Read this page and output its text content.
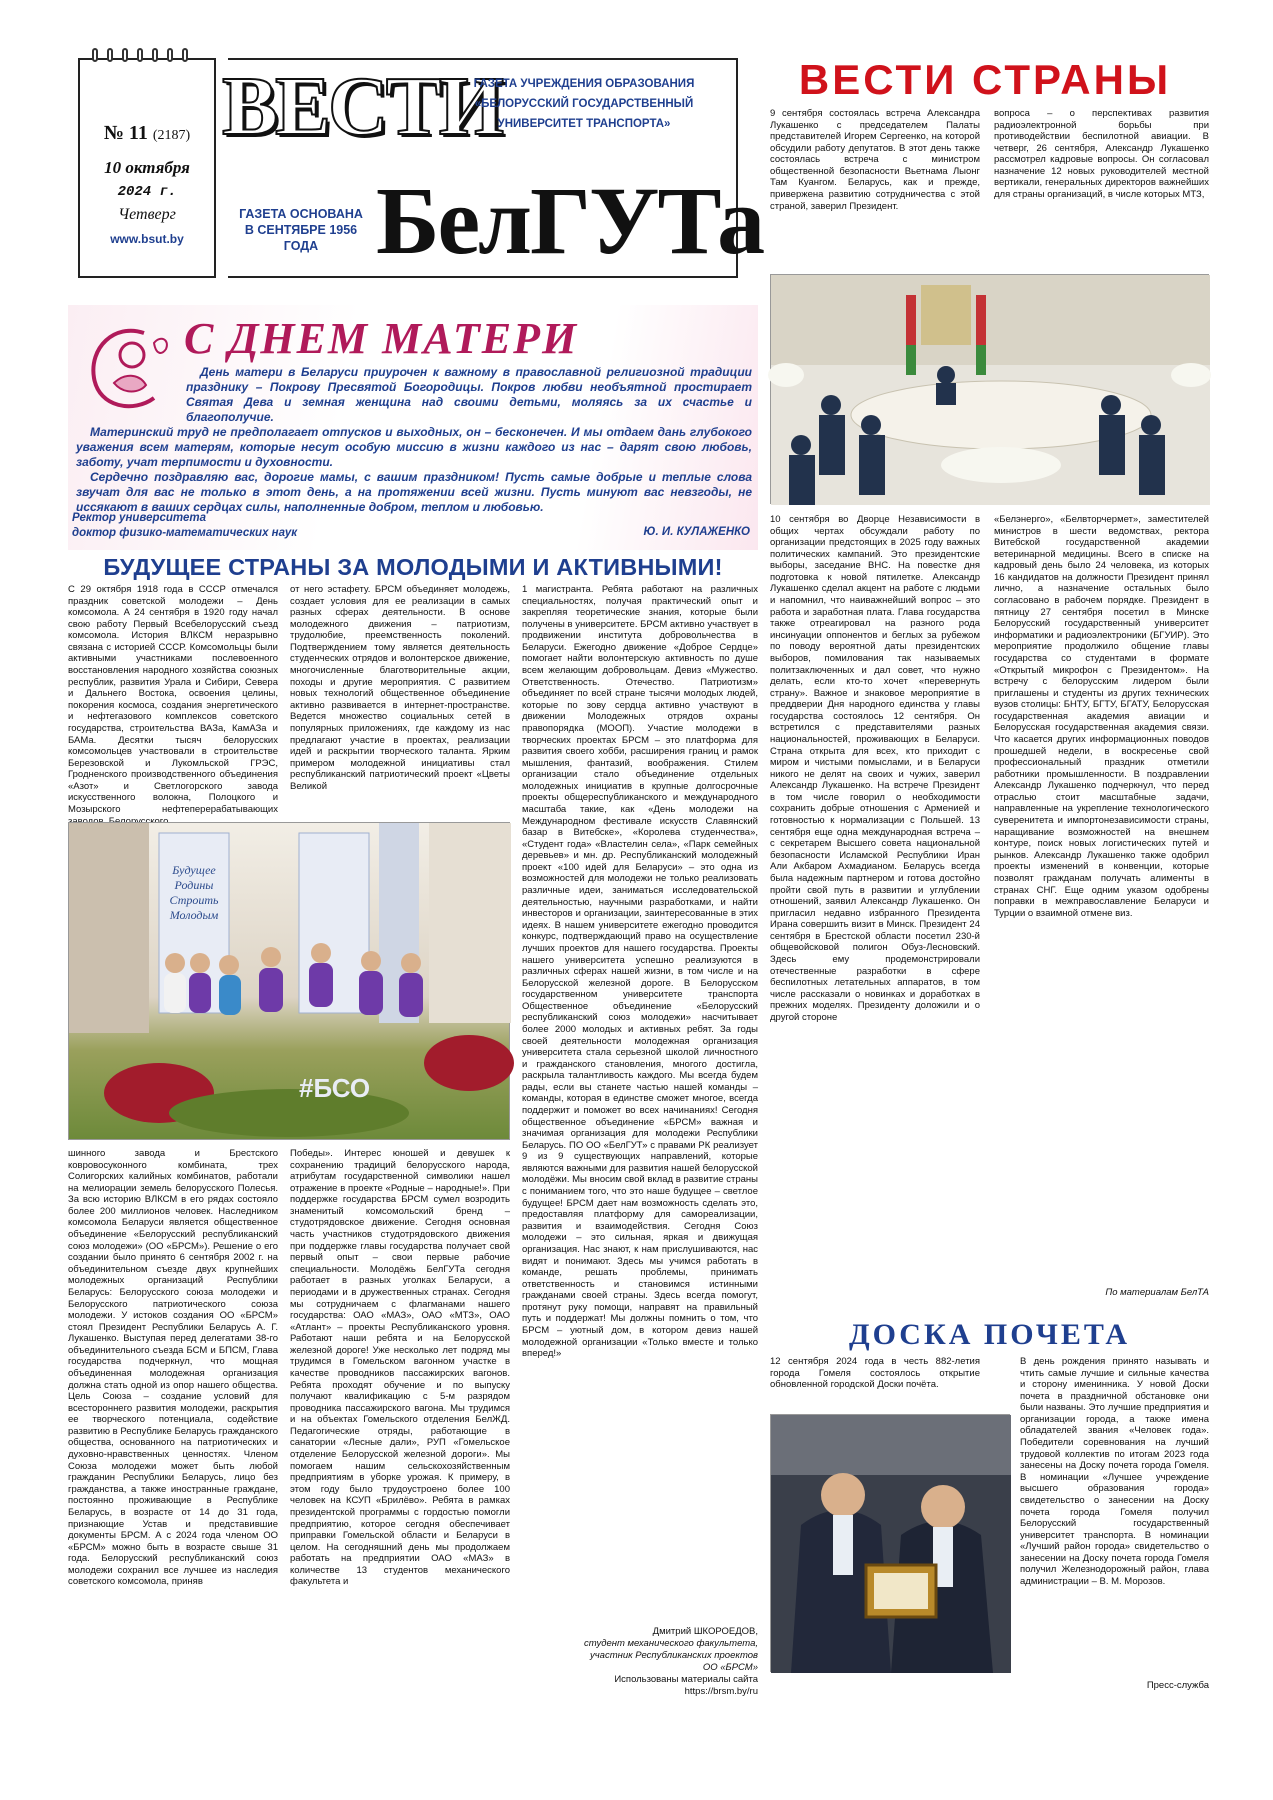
№ 11 (2187)
10 октября
2024 г.
Четверг
www.bsut.by
ВЕСТИ
ГАЗЕТА УЧРЕЖДЕНИЯ ОБРАЗОВАНИЯ
«БЕЛОРУССКИЙ ГОСУДАРСТВЕННЫЙ
УНИВЕРСИТЕТ ТРАНСПОРТА»
ГАЗЕТА ОСНОВАНА
В СЕНТЯБРЕ 1956 ГОДА БелГУТа
С ДНЕМ МАТЕРИ

День матери в Беларуси приурочен к важному в православной религиозной традиции празднику – Покрову Пресвятой Богородицы. Покров любви необъятной простирает Святая Дева и земная женщина над своими детьми, моляясь за их счастье и благополучие.

Материнский труд не предполагает отпусков и выходных, он – бесконечен. И мы отдаем дань глубокого уважения всем матерям, которые несут особую миссию в жизни каждого из нас – дарят свою любовь, заботу, учат терпимости и духовности.

Сердечно поздравляю вас, дорогие мамы, с вашим праздником! Пусть самые добрые и теплые слова звучат для вас не только в этот день, а на протяжении всей жизни. Пусть минуют вас невзгоды, не иссякают в ваших сердцах силы, наполненные добром, теплом и любовью.

Ректор университета
доктор физико-математических наук	Ю. И. КУЛАЖЕНКО
БУДУЩЕЕ СТРАНЫ ЗА МОЛОДЫМИ И АКТИВНЫМИ!
С 29 октября 1918 года в СССР отмечался праздник советской молодежи – День комсомола. А 24 сентября в 1920 году начал свою работу Первый Всебелорусский съезд комсомола. История ВЛКСМ неразрывно связана с историей СССР. Комсомольцы были активными участниками послевоенного восстановления народного хозяйства союзных республик, развития Урала и Сибири, Севера и Дальнего Востока, освоения целины, покорения космоса, создания энергетического и нефтегазового комплексов советского государства, строительства ВАЗа, КамАЗа и БАМа. Десятки тысяч белорусских комсомольцев участвовали в строительстве Березовской и Лукомльской ГРЭС, Гродненского производственного объединения «Азот» и Светлогорского завода искусственного волокна, Полоцкого и Мозырского нефтеперерабатывающих
от него эстафету. БРСМ объединяет молодежь, создает условия для ее реализации в самых разных сферах деятельности. В основе молодежного движения – патриотизм, трудолюбие, преемственность поколений. Подтверждением тому является деятельность студенческих отрядов и волонтерское движение, многочисленные благотворительные акции, походы и другие мероприятия. С развитием новых технологий общественное объединение активно развивается в интернет-пространстве. Ведется множество социальных сетей в популярных приложениях, где каждому из нас предлагают участие в проектах, реализации идей и раскрытии творческого таланта. Ярким примером молодежной инициативы стал республиканский патриотический проект «Цветы Великой
1 магистранта. Ребята работают на различных специальностях, получая практический опыт и закрепляя теоретические знания, которые были получены в университете. БРСМ активно участвует в продвижении института добровольчества в Беларуси. Ежегодно движение «Доброе Сердце» помогает найти волонтерскую активность по душе всем желающим добровольцам. Девиз «Мужество. Ответственность. Отечество. Патриотизм» объединяет по всей стране тысячи молодых людей, которые по зову сердца активно участвуют в движении Молодежных отрядов охраны правопорядка (МООП). Участие молодежи в творческих проектах БРСМ – это платформа для развития своего хобби, расширения границ и рамок мышления, фантазий, воображения. Стилем организации стало объединение отдельных молодежных инициатив в крупные долгосрочные проекты общереспубликанского и международного масштаба такие, как «День молодежи на Международном фестивале искусств Славянский базар в Витебске», «Королева студенчества», «Студент года» «Властелин села», «Парк семейных деревьев» и мн. др. Республиканский молодежный проект «100 идей для Беларуси» – это одна из возможностей для молодежи не только реализовать различные идеи, заниматься исследовательской деятельностью, научными разработками, и найти инвесторов и организации, заинтересованные в этих идеях. В нашем университете ежегодно проводится конкурс, подтверждающий право на осуществление лучших проектов для нашего государства. Проекты нашего университета успешно реализуются в различных сферах нашей жизни, в том числе и на Белорусской железной дороге. В Белорусском государственном университете транспорта Общественное объединение «Белорусский республиканский союз молодежи» насчитывает более 2000 молодых и активных ребят. За годы своей деятельности молодежная организация университета стала серьезной школой личностного и гражданского становления, многого достигла, раскрыла талантливость каждого. Мы всегда будем рады, если вы станете частью нашей команды – команды, которая в единстве сможет многое, всегда поддержит и поможет во всех начинаниях! Сегодня общественное объединение «БРСМ» важная и значимая организация для молодежи Республики Беларусь. ПО ОО «БелГУТ» с правами РК реализует 9 из 9 существующих направлений, которые являются важными для развития нашей белорусской молодёжи. Мы вносим свой вклад в развитие страны с пониманием того, что это наше будущее – светлое будущее! БРСМ дает нам возможность сделать это, предоставляя платформу для самореализации, развития и взаимодействия. Сегодня Союз молодежи – это сильная, яркая и движущая организация. Нас знают, к нам прислушиваются, нас видят и понимают. Здесь мы учимся работать в команде, решать проблемы, принимать ответственность и становимся истинными гражданами своей страны. Здесь всегда помогут, протянут руку помощи, направят на правильный путь и поддержат! Мы должны помнить о том, что БРСМ – уютный дом, в котором девиз нашей молодежной организации «Только вместе и только вперед!»
Будущее Родины Строить Молодым
#БСО
шинного завода и Брестского ковровосуконного комбината, трех Солигорских калийных комбинатов, работали на мелиорации земель белорусского Полесья. За всю историю ВЛКСМ в его рядах состояло более 200 миллионов человек. Наследником комсомола Беларуси является общественное объединение «Белорусский республиканский союз молодежи» (ОО «БРСМ»). Решение о его создании было принято 6 сентября 2002 г. на объединительном съезде двух крупнейших молодежных организаций Республики Беларусь: Белорусского союза молодежи и Белорусского патриотического союза молодежи. У истоков создания ОО «БРСМ» стоял Президент Республики Беларусь А. Г. Лукашенко. Выступая перед делегатами 38-го объединительного съезда БСМ и БПСМ, Глава государства подчеркнул, что мощная объединенная молодежная организация должна стать одной из опор нашего общества. Цель Союза – создание условий для всестороннего развития молодежи, раскрытия ее творческого потенциала, содействие развитию в Республике Беларусь гражданского общества, основанного на патриотических и духовно-нравственных ценностях. Членом Союза молодежи может быть любой гражданин Республики Беларусь, лицо без гражданства, а также иностранные граждане, постоянно проживающие в Республике Беларусь, в возрасте от 14 до 31 года, признающие Устав и представившие документы БРСМ. А с 2024 года членом ОО «БРСМ» можно быть в возрасте свыше 31 года. Белорусский республиканский союз молодежи сохранил все лучшее из наследия советского комсомола, приняв
Победы». Интерес юношей и девушек к сохранению традиций белорусского народа, атрибутам государственной символики нашел отражение в проекте «Родные – народные!». При поддержке государства БРСМ сумел возродить знаменитый комсомольский бренд – студотрядовское движение. Сегодня основная часть участников студотрядовского движения при поддержке главы государства получает свой первый опыт – свои первые рабочие специальности. Молодёжь БелГУТа сегодня работает в разных уголках Беларуси, а периодами и в дружественных странах. Сегодня мы сотрудничаем с флагманами нашего государства: ОАО «МАЗ», ОАО «МТЗ», ОАО «Атлант» – проекты Республиканского уровня. Работают наши ребята и на Белорусской железной дороге! Уже несколько лет подряд мы трудимся в Гомельском вагонном участке в качестве проводников пассажирских вагонов. Ребята проходят обучение и по выпуску получают квалификацию с 5-м разрядом проводника пассажирского вагона. Мы трудимся и на объектах Гомельского отделения БелЖД. Педагогические отряды, работающие в санатории «Лесные дали», РУП «Гомельское отделение Белорусской железной дороги». Мы помогаем нашим сельскохозяйственным предприятиям в уборке урожая. К примеру, в этом году было трудоустроено более 100 человек на КСУП «Брилёво». Ребята в рамках президентской программы с гордостью помогли предприятию, которое сегодня обеспечивает приправки Гомельской области и Беларуси в целом. На сегодняшний день мы продолжаем работать на предприятии ОАО «МАЗ» в количестве 13 студентов механического факультета и
Дмитрий ШКОРОЕДОВ,
студент механического факультета,
участник Республиканских проектов
ОО «БРСМ»
Использованы материалы сайта
https://brsm.by/ru
ВЕСТИ СТРАНЫ
9 сентября состоялась встреча Александра Лукашенко с председателем Палаты представителей Игорем Сергеенко, на которой обсудили работу депутатов. В этот день также состоялась встреча с министром общественной безопасности Вьетнама Лыонг Там Куангом. Беларусь, как и прежде, привержена развитию сотрудничества с этой страной, заверил Президент.
вопроса – о перспективах развития радиоэлектронной борьбы при противодействии беспилотной авиации. В четверг, 26 сентября, Александр Лукашенко рассмотрел кадровые вопросы. Он согласовал назначение 12 новых руководителей местной вертикали, генеральных директоров важнейших для страны организаций, в числе которых МТЗ,
10 сентября во Дворце Независимости в общих чертах обсуждали работу по организации предстоящих в 2025 году важных политических кампаний. Это президентские выборы, заседание ВНС. На повестке дня подготовка к новой пятилетке. Александр Лукашенко сделал акцент на работе с людьми и напомнил, что наиважнейший вопрос – это работа и заработная плата. Глава государства также отреагировал на разного рода инсинуации оппонентов и беглых за рубежом по поводу вероятной даты президентских выборов, помилования так называемых политзаключенных и дал совет, что нужно делать, если кто-то хочет «перевернуть страну». Важное и знаковое мероприятие в преддверии Дня народного единства у главы государства состоялось 12 сентября. Он встретился с представителями разных национальностей, проживающих в Беларуси. Страна открыта для всех, кто приходит с миром и чистыми помыслами, и в Беларуси никого не делят на своих и чужих, заверил Александр Лукашенко. На встрече Президент в том числе говорил о необходимости сохранить добрые отношения с Арменией и готовностью к нормализации с Польшей. 13 сентября еще одна международная встреча – с секретарем Высшего совета национальной безопасности Исламской Республики Иран Али Акбаром Ахмадианом. Беларусь всегда была надежным партнером и готова достойно пройти свой путь в развитии и углублении отношений, заявил Александр Лукашенко. Он пригласил недавно избранного Президента Ирана совершить визит в Минск. Президент 24 сентября в Брестской области посетил 230-й общевойсковой полигон Обуз-Лесновский. Здесь ему продемонстрировали отечественные разработки в сфере беспилотных летательных аппаратов, в том числе рассказали о новинках и доработках в прежних моделях. Президенту доложили и о другой стороне
«Белэнерго», «Белвторчермет», заместителей министров в шести ведомствах, ректора Витебской государственной академии ветеринарной медицины. Всего в списке на кадровый день было 24 человека, из которых 16 кандидатов на должности Президент принял лично, а назначение остальных было согласовано в рабочем порядке. Президент в пятницу 27 сентября посетил в Минске Белорусский государственный университет информатики и радиоэлектроники (БГУИР). Это мероприятие продолжило общение главы государства со студентами в формате «Открытый микрофон с Президентом». На встречу с белорусским лидером были приглашены и студенты из других технических вузов столицы: БНТУ, БГТУ, БГАТУ, Белорусская государственная академия авиации и Белорусская государственная академия связи. Что касается других информационных поводов прошедшей недели, в воскресенье свой профессиональный праздник отметили работники промышленности. В поздравлении Александр Лукашенко подчеркнул, что перед отраслью стоит масштабные задачи, направленные на укрепление технологического суверенитета и импортонезависимости страны, наращивание возможностей на внешнем контуре, поиск новых логистических путей и рынков. Александр Лукашенко также одобрил проекты изменений в конвенции, которые позволят гражданам получать алименты в странах СНГ. Еще одним указом одобрены поправки в межправославление Беларуси и Турции о взаимной отмене виз.
По материалам БелТА
ДОСКА ПОЧЕТА
12 сентября 2024 года в честь 882-летия города Гомеля состоялось открытие обновленной городской Доски почёта.
В день рождения принято называть и чтить самые лучшие и сильные качества и сторону именинника. У новой Доски почета в праздничной обстановке они были названы. Это лучшие предприятия и организации города, а также имена обладателей звания «Человек года». Победители соревнования на лучший трудовой коллектив по итогам 2023 года занесены на Доску почета города Гомеля. В номинации «Лучшее учреждение высшего образования города» свидетельство о занесении на Доску почета города Гомеля получил Белорусский государственный университет транспорта. В номинации «Лучший район города» свидетельство о занесении на Доску почета города Гомеля получил Железнодорожный район, глава администрации – В. М. Морозов.
Пресс-служба
